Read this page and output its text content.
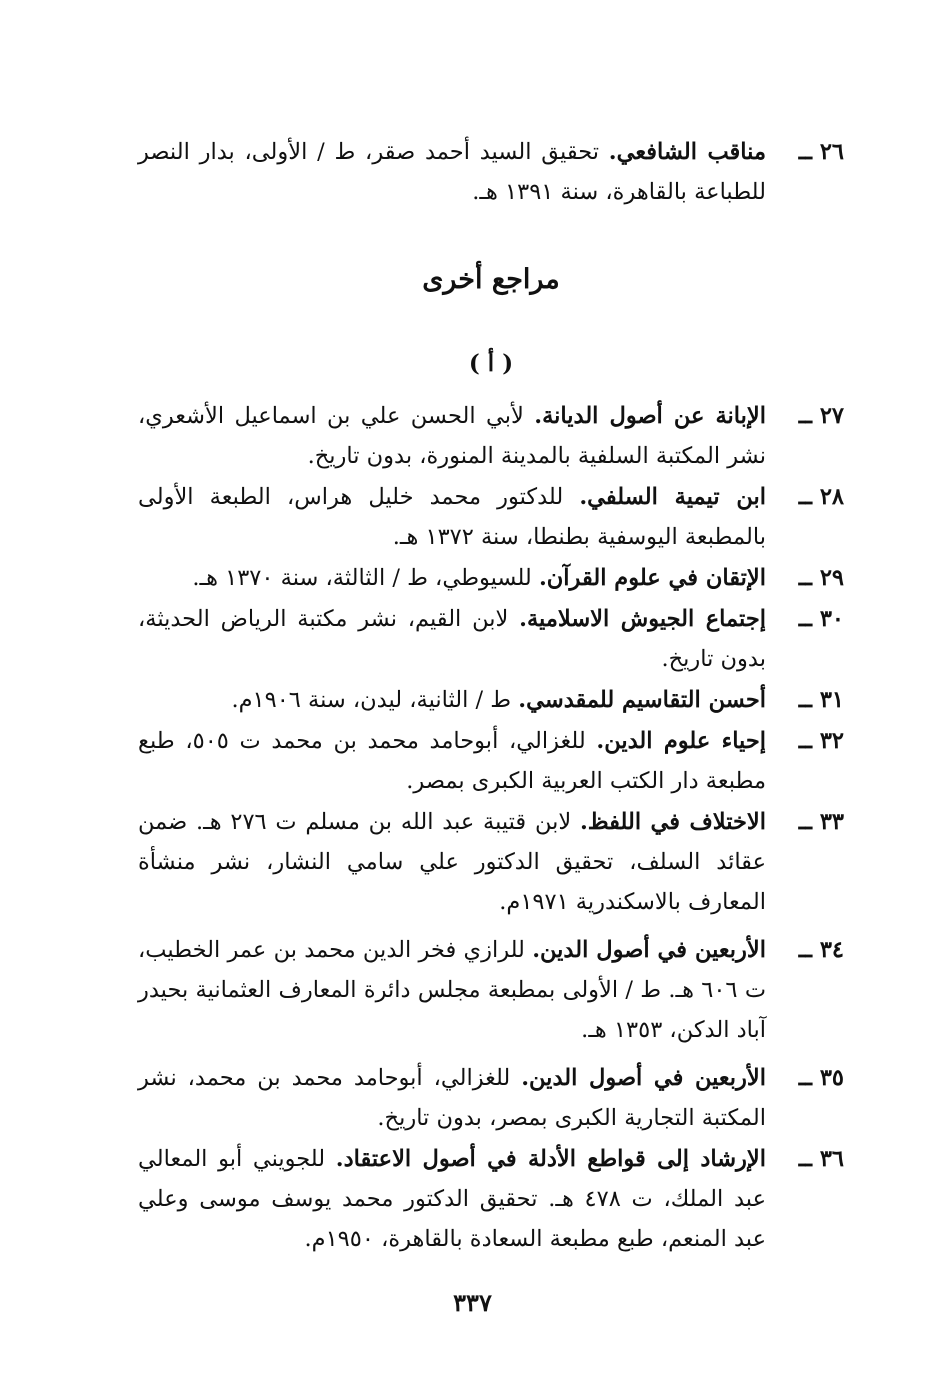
٢٦ ــ
مناقب الشافعي. تحقيق السيد أحمد صقر، ط / الأولى، بدار النصر للطباعة بالقاهرة، سنة ١٣٩١ هـ.
مراجع أخرى
( أ )
٢٧ ــ
الإبانة عن أصول الديانة. لأبي الحسن علي بن اسماعيل الأشعري، نشر المكتبة السلفية بالمدينة المنورة، بدون تاريخ.
٢٨ ــ
ابن تيمية السلفي. للدكتور محمد خليل هراس، الطبعة الأولى بالمطبعة اليوسفية بطنطا، سنة ١٣٧٢ هـ.
٢٩ ــ
الإتقان في علوم القرآن. للسيوطي، ط / الثالثة، سنة ١٣٧٠ هـ.
٣٠ ــ
إجتماع الجيوش الاسلامية. لابن القيم، نشر مكتبة الرياض الحديثة، بدون تاريخ.
٣١ ــ
أحسن التقاسيم للمقدسي. ط / الثانية، ليدن، سنة ١٩٠٦م.
٣٢ ــ
إحياء علوم الدين. للغزالي، أبوحامد محمد بن محمد ت ٥٠٥، طبع مطبعة دار الكتب العربية الكبرى بمصر.
٣٣ ــ
الاختلاف في اللفظ. لابن قتيبة عبد الله بن مسلم ت ٢٧٦ هـ. ضمن عقائد السلف، تحقيق الدكتور علي سامي النشار، نشر منشأة المعارف بالاسكندرية ١٩٧١م.
٣٤ ــ
الأربعين في أصول الدين. للرازي فخر الدين محمد بن عمر الخطيب، ت ٦٠٦ هـ. ط / الأولى بمطبعة مجلس دائرة المعارف العثمانية بحيدر آباد الدكن، ١٣٥٣ هـ.
٣٥ ــ
الأربعين في أصول الدين. للغزالي، أبوحامد محمد بن محمد، نشر المكتبة التجارية الكبرى بمصر، بدون تاريخ.
٣٦ ــ
الإرشاد إلى قواطع الأدلة في أصول الاعتقاد. للجويني أبو المعالي عبد الملك، ت ٤٧٨ هـ. تحقيق الدكتور محمد يوسف موسى وعلي عبد المنعم، طبع مطبعة السعادة بالقاهرة، ١٩٥٠م.
٣٣٧
